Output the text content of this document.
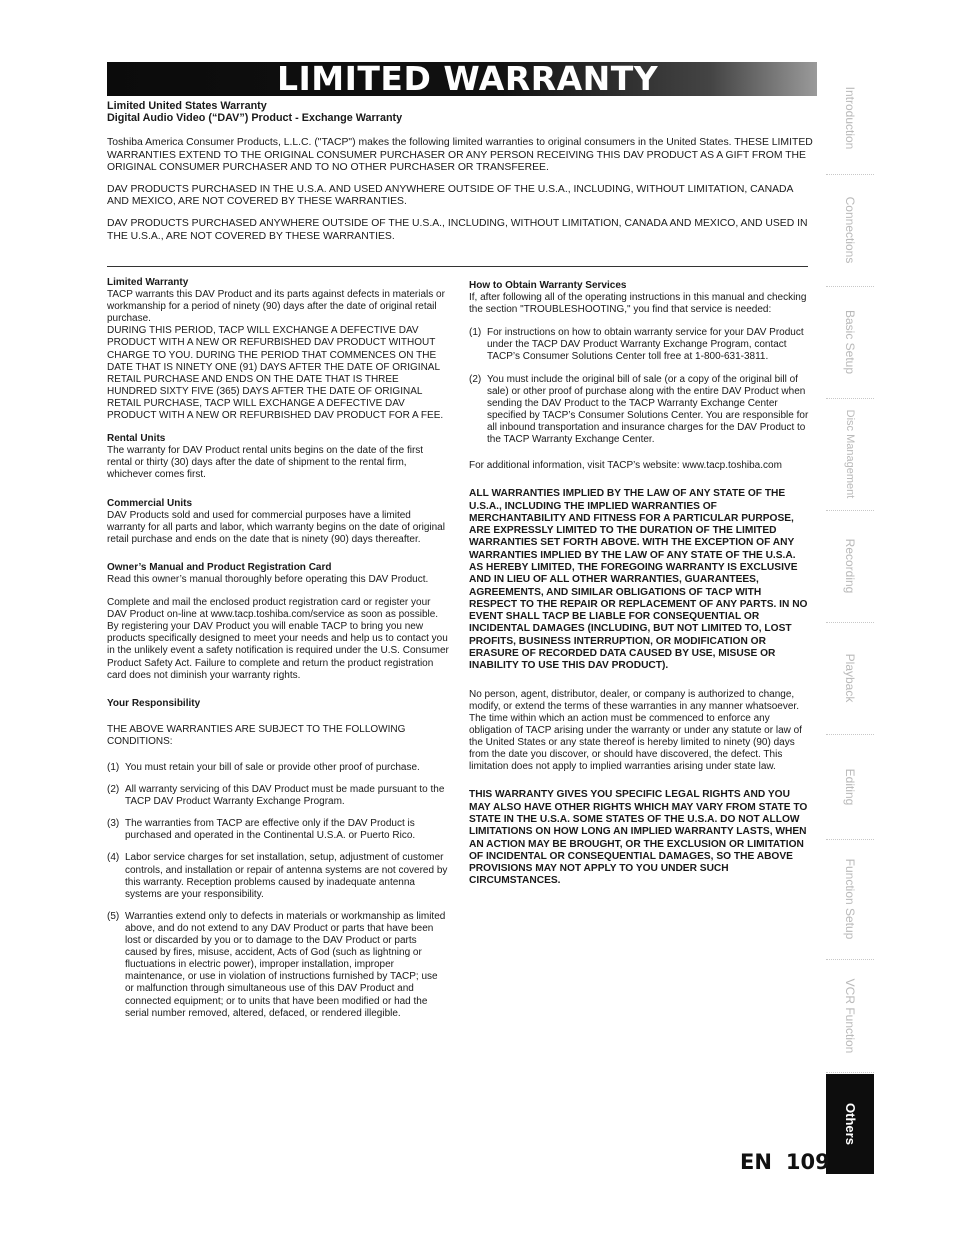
LIMITED WARRANTY
Limited United States Warranty
Digital Audio Video (“DAV”) Product - Exchange Warranty

Toshiba America Consumer Products, L.L.C. ("TACP") makes the following limited warranties to original consumers in the United States. THESE LIMITED WARRANTIES EXTEND TO THE ORIGINAL CONSUMER PURCHASER OR ANY PERSON RECEIVING THIS DAV PRODUCT AS A GIFT FROM THE ORIGINAL CONSUMER PURCHASER AND TO NO OTHER PURCHASER OR TRANSFEREE.

DAV PRODUCTS PURCHASED IN THE U.S.A. AND USED ANYWHERE OUTSIDE OF THE U.S.A., INCLUDING, WITHOUT LIMITATION, CANADA AND MEXICO, ARE NOT COVERED BY THESE WARRANTIES.

DAV PRODUCTS PURCHASED ANYWHERE OUTSIDE OF THE U.S.A., INCLUDING, WITHOUT LIMITATION, CANADA AND MEXICO, AND USED IN THE U.S.A., ARE NOT COVERED BY THESE WARRANTIES.

Limited Warranty

TACP warrants this DAV Product and its parts against defects in materials or workmanship for a period of ninety (90) days after the date of original retail purchase.

DURING THIS PERIOD, TACP WILL EXCHANGE A DEFECTIVE DAV PRODUCT WITH A NEW OR REFURBISHED DAV PRODUCT WITHOUT CHARGE TO YOU. DURING THE PERIOD THAT COMMENCES ON THE DATE THAT IS NINETY ONE (91) DAYS AFTER THE DATE OF ORIGINAL RETAIL PURCHASE AND ENDS ON THE DATE THAT IS THREE HUNDRED SIXTY FIVE (365) DAYS AFTER THE DATE OF ORIGINAL RETAIL PURCHASE, TACP WILL EXCHANGE A DEFECTIVE DAV PRODUCT WITH A NEW OR REFURBISHED DAV PRODUCT FOR A FEE.

Rental Units

The warranty for DAV Product rental units begins on the date of the first rental or thirty (30) days after the date of shipment to the rental firm, whichever comes first.

Commercial Units

DAV Products sold and used for commercial purposes have a limited warranty for all parts and labor, which warranty begins on the date of original retail purchase and ends on the date that is ninety (90) days thereafter.

Owner’s Manual and Product Registration Card

Read this owner’s manual thoroughly before operating this DAV Product.

Complete and mail the enclosed product registration card or register your DAV Product on-line at www.tacp.toshiba.com/service as soon as possible. By registering your DAV Product you will enable TACP to bring you new products specifically designed to meet your needs and help us to contact you in the unlikely event a safety notification is required under the U.S. Consumer Product Safety Act. Failure to complete and return the product registration card does not diminish your warranty rights.

Your Responsibility

THE ABOVE WARRANTIES ARE SUBJECT TO THE FOLLOWING CONDITIONS:

(1) You must retain your bill of sale or provide other proof of purchase.
(2) All warranty servicing of this DAV Product must be made pursuant to the TACP DAV Product Warranty Exchange Program.
(3) The warranties from TACP are effective only if the DAV Product is purchased and operated in the Continental U.S.A. or Puerto Rico.
(4) Labor service charges for set installation, setup, adjustment of customer controls, and installation or repair of antenna systems are not covered by this warranty. Reception problems caused by inadequate antenna systems are your responsibility.
(5) Warranties extend only to defects in materials or workmanship as limited above, and do not extend to any DAV Product or parts that have been lost or discarded by you or to damage to the DAV Product or parts caused by fires, misuse, accident, Acts of God (such as lightning or fluctuations in electric power), improper installation, improper maintenance, or use in violation of instructions furnished by TACP; use or malfunction through simultaneous use of this DAV Product and connected equipment; or to units that have been modified or had the serial number removed, altered, defaced, or rendered illegible.
How to Obtain Warranty Services

If, after following all of the operating instructions in this manual and checking the section "TROUBLESHOOTING," you find that service is needed:

(1) For instructions on how to obtain warranty service for your DAV Product under the TACP DAV Product Warranty Exchange Program, contact TACP’s Consumer Solutions Center toll free at 1-800-631-3811.
(2) You must include the original bill of sale (or a copy of the original bill of sale) or other proof of purchase along with the entire DAV Product when sending the DAV Product to the TACP Warranty Exchange Center specified by TACP’s Consumer Solutions Center. You are responsible for all inbound transportation and insurance charges for the DAV Product to the TACP Warranty Exchange Center.

For additional information, visit TACP’s website: www.tacp.toshiba.com

ALL WARRANTIES IMPLIED BY THE LAW OF ANY STATE OF THE U.S.A., INCLUDING THE IMPLIED WARRANTIES OF MERCHANTABILITY AND FITNESS FOR A PARTICULAR PURPOSE, ARE EXPRESSLY LIMITED TO THE DURATION OF THE LIMITED WARRANTIES SET FORTH ABOVE. WITH THE EXCEPTION OF ANY WARRANTIES IMPLIED BY THE LAW OF ANY STATE OF THE U.S.A. AS HEREBY LIMITED, THE FOREGOING WARRANTY IS EXCLUSIVE AND IN LIEU OF ALL OTHER WARRANTIES, GUARANTEES, AGREEMENTS, AND SIMILAR OBLIGATIONS OF TACP WITH RESPECT TO THE REPAIR OR REPLACEMENT OF ANY PARTS. IN NO EVENT SHALL TACP BE LIABLE FOR CONSEQUENTIAL OR INCIDENTAL DAMAGES (INCLUDING, BUT NOT LIMITED TO, LOST PROFITS, BUSINESS INTERRUPTION, OR MODIFICATION OR ERASURE OF RECORDED DATA CAUSED BY USE, MISUSE OR INABILITY TO USE THIS DAV PRODUCT).

No person, agent, distributor, dealer, or company is authorized to change, modify, or extend the terms of these warranties in any manner whatsoever. The time within which an action must be commenced to enforce any obligation of TACP arising under the warranty or under any statute or law of the United States or any state thereof is hereby limited to ninety (90) days from the date you discover, or should have discovered, the defect. This limitation does not apply to implied warranties arising under state law.

THIS WARRANTY GIVES YOU SPECIFIC LEGAL RIGHTS AND YOU MAY ALSO HAVE OTHER RIGHTS WHICH MAY VARY FROM STATE TO STATE IN THE U.S.A. SOME STATES OF THE U.S.A. DO NOT ALLOW LIMITATIONS ON HOW LONG AN IMPLIED WARRANTY LASTS, WHEN AN ACTION MAY BE BROUGHT, OR THE EXCLUSION OR LIMITATION OF INCIDENTAL OR CONSEQUENTIAL DAMAGES, SO THE ABOVE PROVISIONS MAY NOT APPLY TO YOU UNDER SUCH CIRCUMSTANCES.

Introduction
Connections
Basic Setup
Disc Management
Recording
Playback
Editing
Function Setup
VCR Function
Others
EN 109
